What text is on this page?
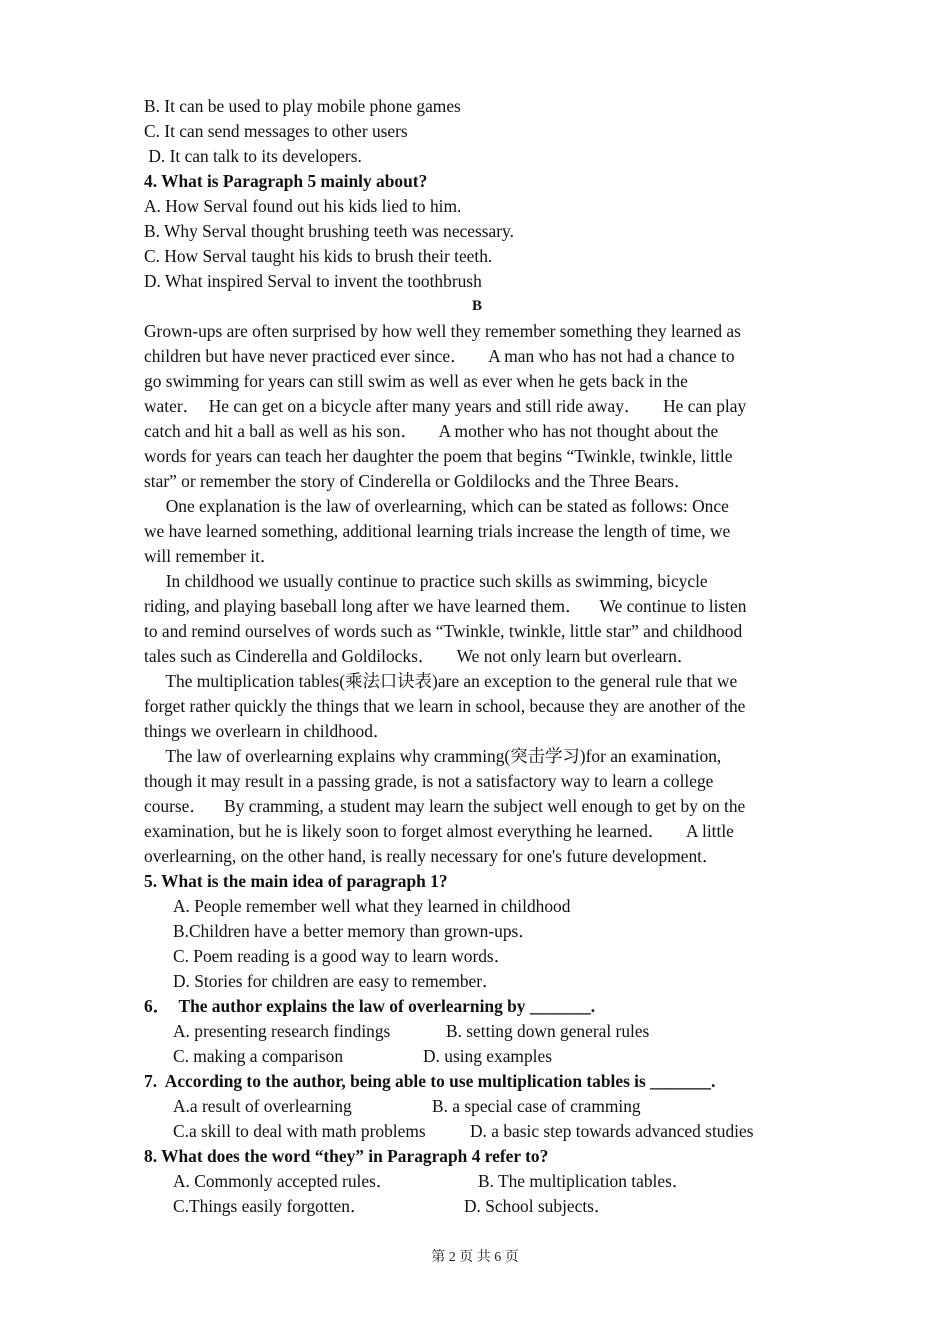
B. It can be used to play mobile phone games
C. It can send messages to other users
D. It can talk to its developers.
4. What is Paragraph 5 mainly about?
A. How Serval found out his kids lied to him.
B. Why Serval thought brushing teeth was necessary.
C. How Serval taught his kids to brush their teeth.
D. What inspired Serval to invent the toothbrush
B
Grown-ups are often surprised by how well they remember something they learned as
children but have never practiced ever since．     A man who has not had a chance to
go swimming for years can still swim as well as ever when he gets back in the
water．  He can get on a bicycle after many years and still ride away．     He can play
catch and hit a ball as well as his son．     A mother who has not thought about the
words for years can teach her daughter the poem that begins “Twinkle, twinkle, little
star” or remember the story of Cinderella or Goldilocks and the Three Bears．
One explanation is the law of overlearning, which can be stated as follows: Once
we have learned something, additional learning trials increase the length of time, we
will remember it．
In childhood we usually continue to practice such skills as swimming, bicycle
riding, and playing baseball long after we have learned them．    We continue to listen
to and remind ourselves of words such as “Twinkle, twinkle, little star” and childhood
tales such as Cinderella and Goldilocks．     We not only learn but overlearn．
The multiplication tables(乘法口诀表)are an exception to the general rule that we
forget rather quickly the things that we learn in school, because they are another of the
things we overlearn in childhood．
The law of overlearning explains why cramming(突击学习)for an examination,
though it may result in a passing grade, is not a satisfactory way to learn a college
course．    By cramming, a student may learn the subject well enough to get by on the
examination, but he is likely soon to forget almost everything he learned．     A little
overlearning, on the other hand, is really necessary for one's future development．
5. What is the main idea of paragraph 1?
A. People remember well what they learned in childhood
B.Children have a better memory than grown-ups．
C. Poem reading is a good way to learn words．
D. Stories for children are easy to remember．
6．  The author explains the law of overlearning by _______.
A. presenting research findings	B. setting down general rules
C. making a comparison	D. using examples
7.  According to the author, being able to use multiplication tables is _______.
A.a result of overlearning	B. a special case of cramming
C.a skill to deal with math problems	D. a basic step towards advanced studies
8. What does the word “they” in Paragraph 4 refer to?
A. Commonly accepted rules．	B. The multiplication tables．
C.Things easily forgotten．	D. School subjects．
第 2 页 共 6 页
